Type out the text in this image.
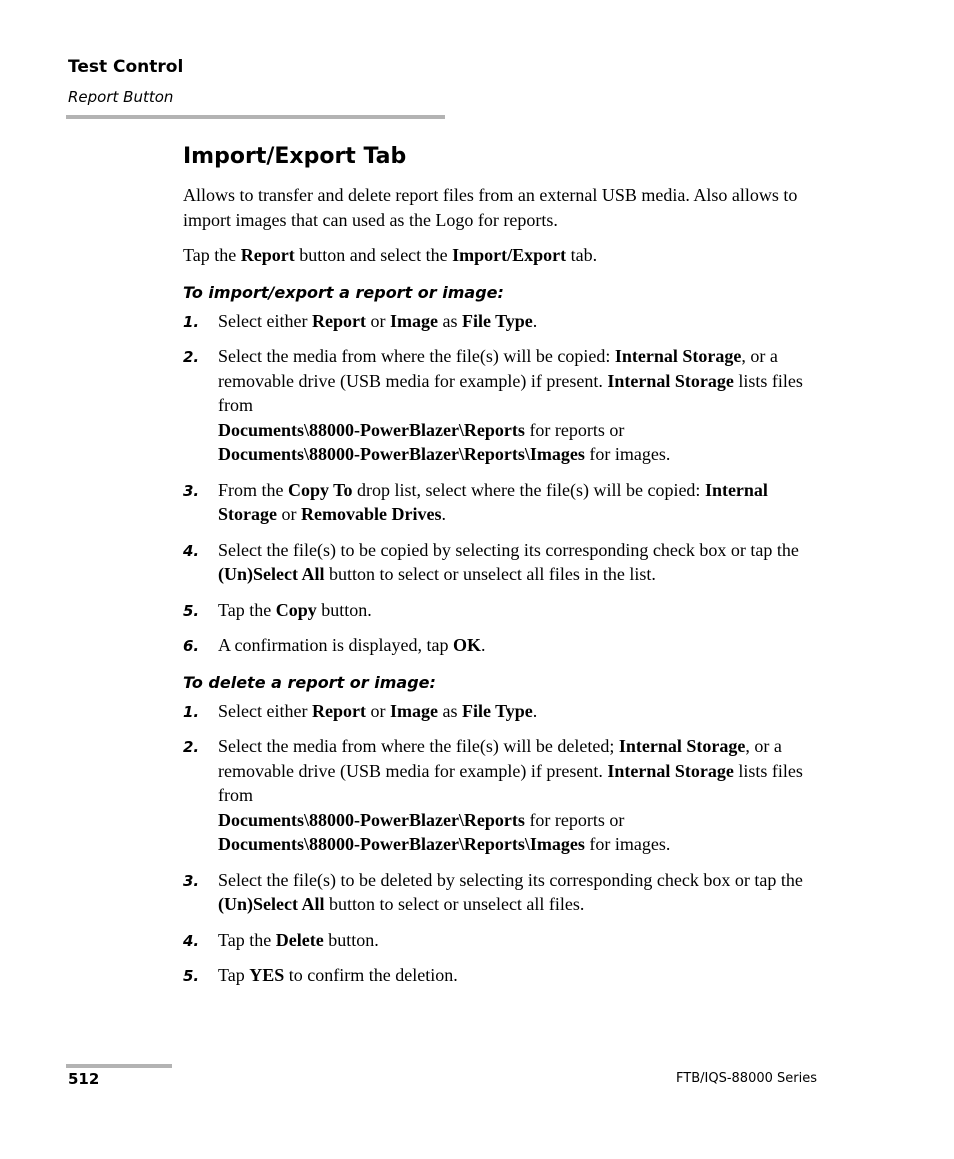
Test Control
Report Button
Import/Export Tab

Allows to transfer and delete report files from an external USB media. Also allows to import images that can used as the Logo for reports.

Tap the Report button and select the Import/Export tab.

To import/export a report or image:
1. Select either Report or Image as File Type.
2. Select the media from where the file(s) will be copied: Internal Storage, or a removable drive (USB media for example) if present. Internal Storage lists files from
Documents\88000-PowerBlazer\Reports for reports or
Documents\88000-PowerBlazer\Reports\Images for images.
3. From the Copy To drop list, select where the file(s) will be copied: Internal Storage or Removable Drives.
4. Select the file(s) to be copied by selecting its corresponding check box or tap the (Un)Select All button to select or unselect all files in the list.
5. Tap the Copy button.
6. A confirmation is displayed, tap OK.
To delete a report or image:
1. Select either Report or Image as File Type.
2. Select the media from where the file(s) will be deleted; Internal Storage, or a removable drive (USB media for example) if present. Internal Storage lists files from
Documents\88000-PowerBlazer\Reports for reports or
Documents\88000-PowerBlazer\Reports\Images for images.
3. Select the file(s) to be deleted by selecting its corresponding check box or tap the (Un)Select All button to select or unselect all files.
4. Tap the Delete button.
5. Tap YES to confirm the deletion.
512	FTB/IQS-88000 Series
